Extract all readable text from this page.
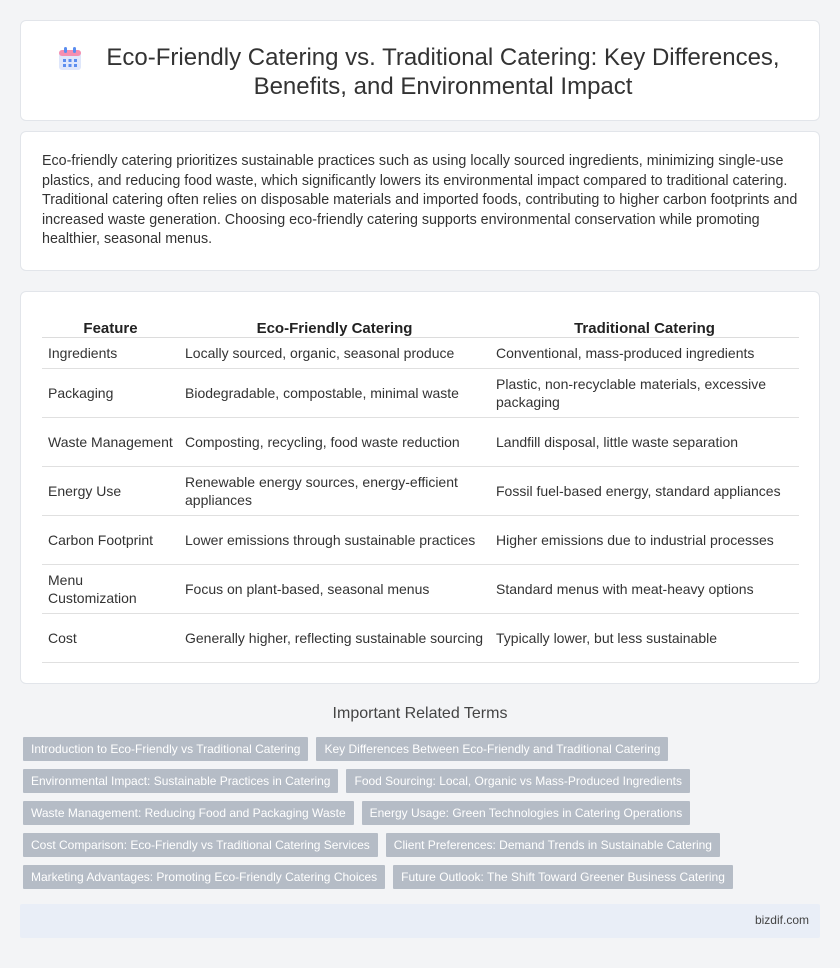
Eco-Friendly Catering vs. Traditional Catering: Key Differences, Benefits, and Environmental Impact

Eco-friendly catering prioritizes sustainable practices such as using locally sourced ingredients, minimizing single-use plastics, and reducing food waste, which significantly lowers its environmental impact compared to traditional catering. Traditional catering often relies on disposable materials and imported foods, contributing to higher carbon footprints and increased waste generation. Choosing eco-friendly catering supports environmental conservation while promoting healthier, seasonal menus.

Feature	Eco-Friendly Catering	Traditional Catering
Ingredients	Locally sourced, organic, seasonal produce	Conventional, mass-produced ingredients
Packaging	Biodegradable, compostable, minimal waste	Plastic, non-recyclable materials, excessive packaging
Waste Management	Composting, recycling, food waste reduction	Landfill disposal, little waste separation
Energy Use	Renewable energy sources, energy-efficient appliances	Fossil fuel-based energy, standard appliances
Carbon Footprint	Lower emissions through sustainable practices	Higher emissions due to industrial processes
Menu Customization	Focus on plant-based, seasonal menus	Standard menus with meat-heavy options
Cost	Generally higher, reflecting sustainable sourcing	Typically lower, but less sustainable
Important Related Terms
Introduction to Eco-Friendly vs Traditional Catering	Key Differences Between Eco-Friendly and Traditional Catering
Environmental Impact: Sustainable Practices in Catering	Food Sourcing: Local, Organic vs Mass-Produced Ingredients
Waste Management: Reducing Food and Packaging Waste	Energy Usage: Green Technologies in Catering Operations
Cost Comparison: Eco-Friendly vs Traditional Catering Services	Client Preferences: Demand Trends in Sustainable Catering
Marketing Advantages: Promoting Eco-Friendly Catering Choices	Future Outlook: The Shift Toward Greener Business Catering
bizdif.com
